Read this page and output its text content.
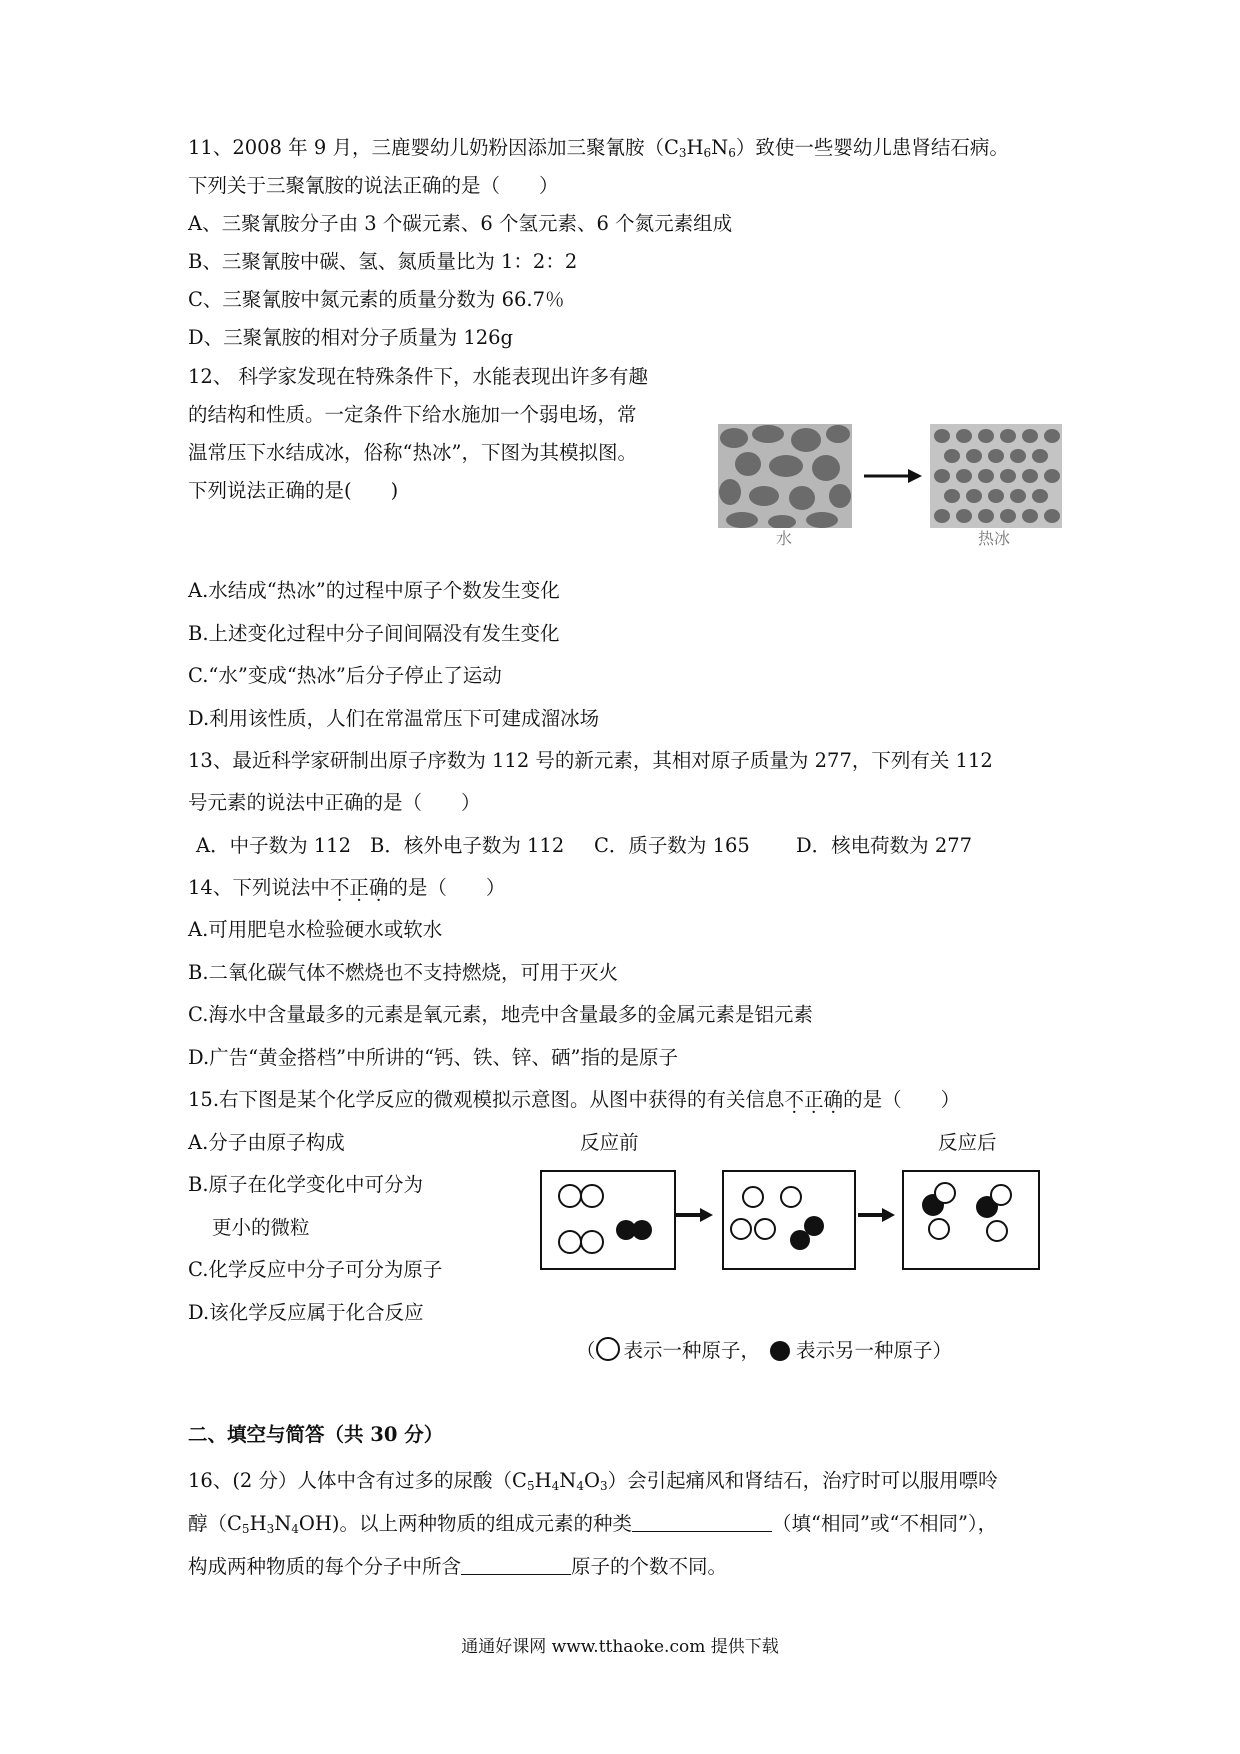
11、2008 年 9 月，三鹿婴幼儿奶粉因添加三聚氰胺$(C_3H_6N_6)$致使一些婴幼儿患肾结石病。
下列关于三聚氰胺的说法正确的是（　　）
A、三聚氰胺分子由 3 个碳元素、6 个氢元素、6 个氮元素组成
B、三聚氰胺中碳、氢、氮质量比为 1：2：2
C、三聚氰胺中氮元素的质量分数为 66.7％
D、三聚氰胺的相对分子质量为 126g
12、 科学家发现在特殊条件下，水能表现出许多有趣
的结构和性质。一定条件下给水施加一个弱电场，常
温常压下水结成冰，俗称“热冰”，下图为其模拟图。
下列说法正确的是(　　)
水	热冰
A.水结成“热冰”的过程中原子个数发生变化
B.上述变化过程中分子间间隔没有发生变化
C.“水”变成“热冰”后分子停止了运动
D.利用该性质，人们在常温常压下可建成溜冰场
13、最近科学家研制出原子序数为 112 号的新元素，其相对原子质量为 277，下列有关 112
号元素的说法中正确的是（　　）
A．中子数为 112 B．核外电子数为 112 C．质子数为 165 D．核电荷数为 277
14、下列说法中不正确的是（　　）
A.可用肥皂水检验硬水或软水
B.二氧化碳气体不燃烧也不支持燃烧，可用于灭火
C.海水中含量最多的元素是氧元素，地壳中含量最多的金属元素是铝元素
D.广告“黄金搭档”中所讲的“钙、铁、锌、硒”指的是原子
15.右下图是某个化学反应的微观模拟示意图。从图中获得的有关信息不正确的是（　　）
A.分子由原子构成
B.原子在化学变化中可分为
更小的微粒
C.化学反应中分子可分为原子
D.该化学反应属于化合反应
反应前	反应后
（ 表示一种原子， 表示另一种原子）
二、填空与简答（共 30 分）
16、(2 分）人体中含有过多的尿酸$(C_5H_4N_4O_3)$会引起痛风和肾结石，治疗时可以服用嘌呤
醇$(C_5H_3N_4OH)$。以上两种物质的组成元素的种类	（填“相同”或“不相同”），
构成两种物质的每个分子中所含	原子的个数不同。
通通好课网 www.tthaoke.com 提供下载
